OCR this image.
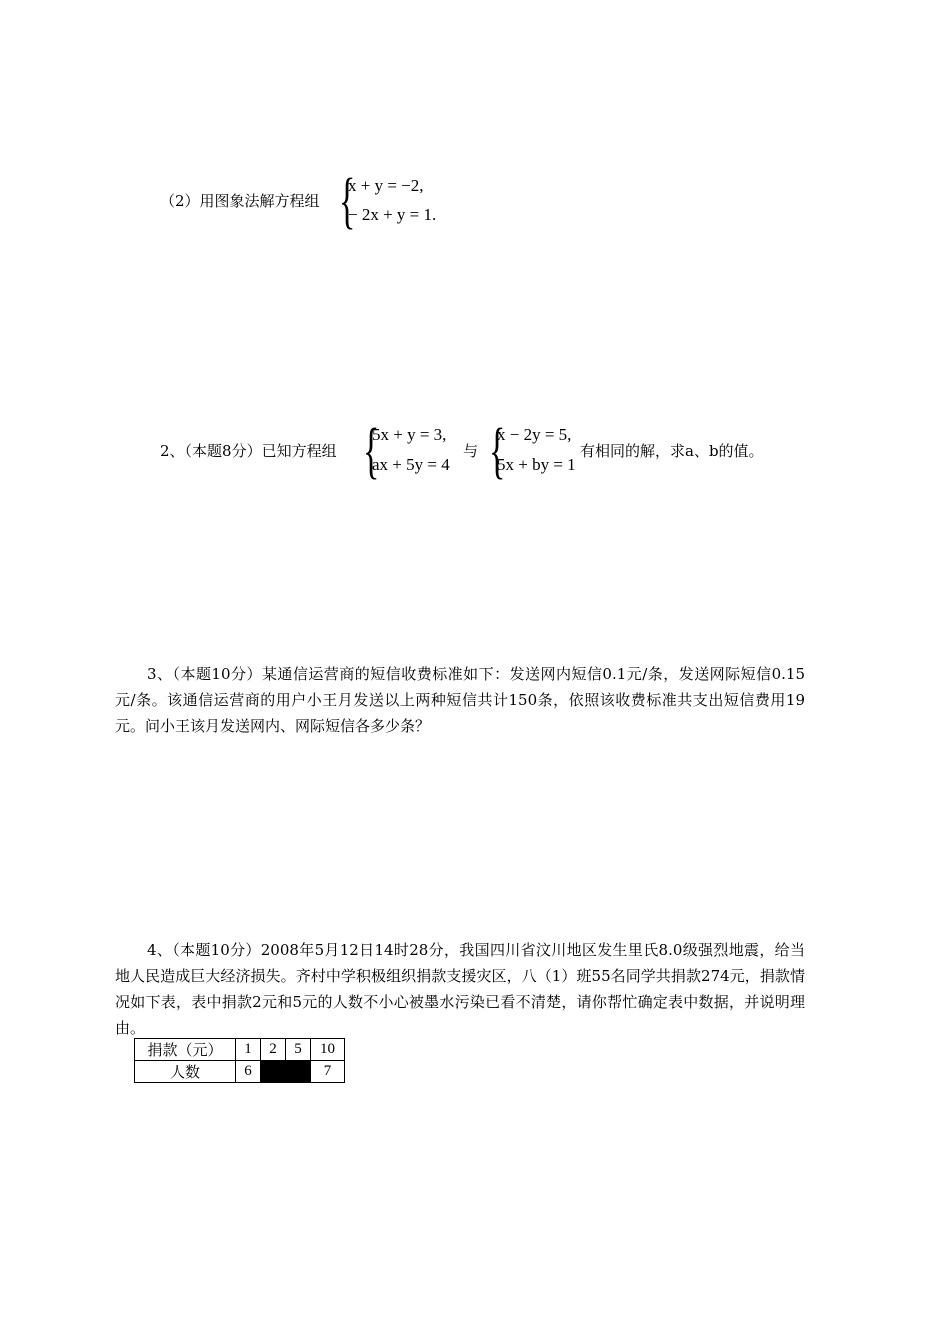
（2）用图象法解方程组 {
x + y = −2,
− 2x + y = 1.
2、（本题8分）已知方程组 {
5x + y = 3,
ax + 5y = 4
与 {
x − 2y = 5,
5x + by = 1
有相同的解，求a、b的值。
3、（本题10分）某通信运营商的短信收费标准如下：发送网内短信0.1元/条，发送网际短信0.15元/条。该通信运营商的用户小王月发送以上两种短信共计150条，依照该收费标准共支出短信费用19元。问小王该月发送网内、网际短信各多少条？
4、（本题10分）2008年5月12日14时28分，我国四川省汶川地区发生里氏8.0级强烈地震，给当地人民造成巨大经济损失。齐村中学积极组织捐款支援灾区，八（1）班55名同学共捐款274元，捐款情况如下表，表中捐款2元和5元的人数不小心被墨水污染已看不清楚，请你帮忙确定表中数据，并说明理由。
捐款（元）	1	2	5	10
人数	6			7
